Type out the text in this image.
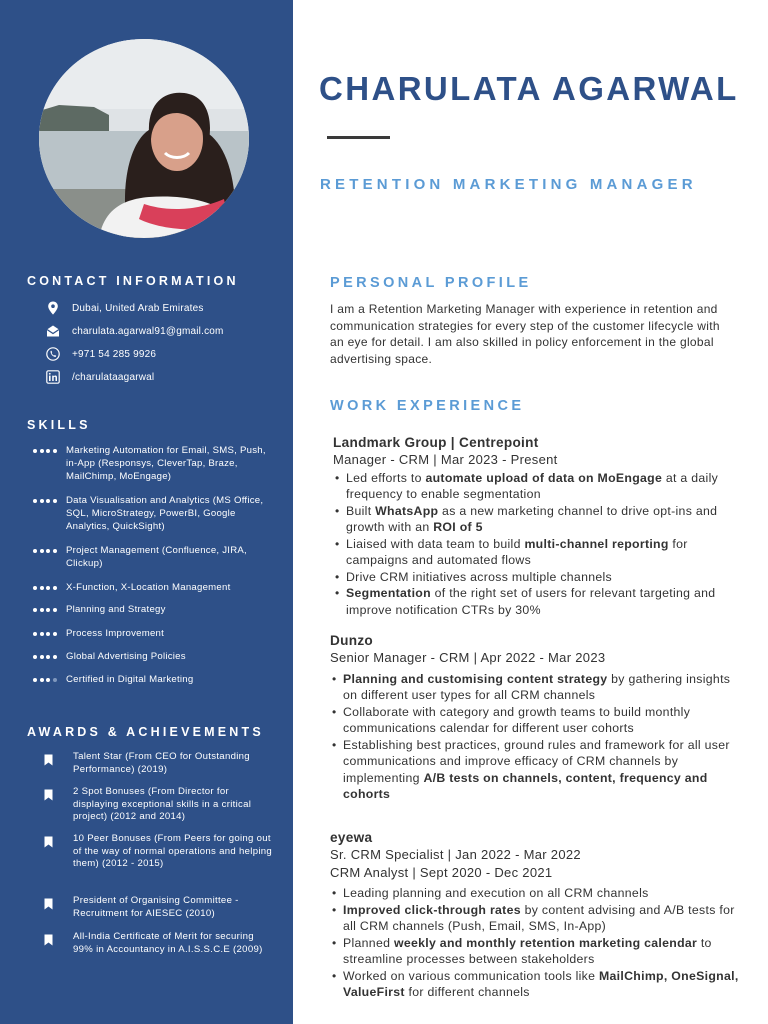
CONTACT INFORMATION
Dubai, United Arab Emirates
charulata.agarwal91@gmail.com
+971 54 285 9926
/charulataagarwal
SKILLS
Marketing Automation for Email, SMS, Push, in-App (Responsys, CleverTap, Braze, MailChimp, MoEngage)
Data Visualisation and Analytics (MS Office, SQL, MicroStrategy, PowerBI, Google Analytics, QuickSight)
Project Management (Confluence, JIRA, Clickup)
X-Function, X-Location Management
Planning and Strategy
Process Improvement
Global Advertising Policies
Certified in Digital Marketing
AWARDS & ACHIEVEMENTS
Talent Star (From CEO for Outstanding Performance) (2019)
2 Spot Bonuses (From Director for displaying exceptional skills in a critical project) (2012 and 2014)
10 Peer Bonuses (From Peers for going out of the way of normal operations and helping them) (2012 - 2015)
President of Organising Committee - Recruitment for AIESEC (2010)
All-India Certificate of Merit for securing 99% in Accountancy in A.I.S.S.C.E (2009)
CHARULATA AGARWAL
RETENTION MARKETING MANAGER
PERSONAL PROFILE
I am a Retention Marketing Manager with experience in retention and communication strategies for every step of the customer lifecycle with an eye for detail. I am also skilled in policy enforcement in the global advertising space.
WORK EXPERIENCE
Landmark Group | Centrepoint
Manager - CRM | Mar 2023 - Present
• Led efforts to automate upload of data on MoEngage at a daily frequency to enable segmentation
• Built WhatsApp as a new marketing channel to drive opt-ins and growth with an ROI of 5
• Liaised with data team to build multi-channel reporting for campaigns and automated flows
• Drive CRM initiatives across multiple channels
• Segmentation of the right set of users for relevant targeting and improve notification CTRs by 30%
Dunzo
Senior Manager - CRM | Apr 2022 - Mar 2023
• Planning and customising content strategy by gathering insights on different user types for all CRM channels
• Collaborate with category and growth teams to build monthly communications calendar for different user cohorts
• Establishing best practices, ground rules and framework for all user communications and improve efficacy of CRM channels by implementing A/B tests on channels, content, frequency and cohorts
eyewa
Sr. CRM Specialist | Jan 2022 - Mar 2022
CRM Analyst | Sept 2020 - Dec 2021
• Leading planning and execution on all CRM channels
• Improved click-through rates by content advising and A/B tests for all CRM channels (Push, Email, SMS, In-App)
• Planned weekly and monthly retention marketing calendar to streamline processes between stakeholders
• Worked on various communication tools like MailChimp, OneSignal, ValueFirst for different channels
